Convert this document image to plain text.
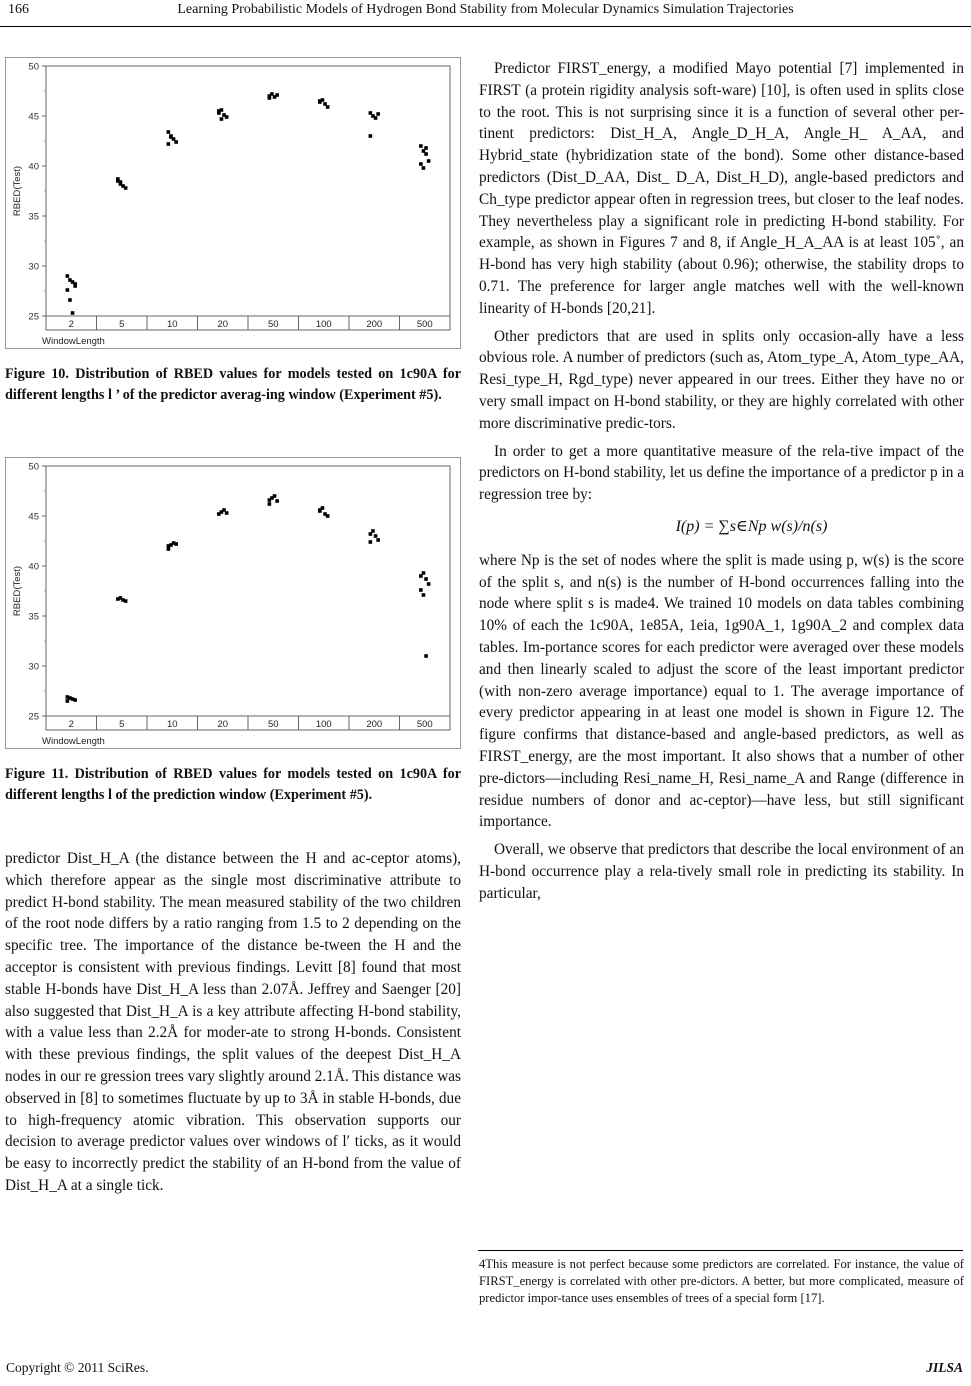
166	Learning Probabilistic Models of Hydrogen Bond Stability from Molecular Dynamics Simulation Trajectories
25
30
35
40
45
50
2	5	10	20	50	100	200	500
RBED(Test)
WindowLength
Figure 10. Distribution of RBED values for models tested on 1c90A for different lengths l ’ of the predictor averag-ing window (Experiment #5).
25
30
35
40
45
50
2	5	10	20	50	100	200	500
RBED(Test)
WindowLength
Figure 11. Distribution of RBED values for models tested on 1c90A for different lengths l of the prediction window (Experiment #5).

predictor Dist_H_A (the distance between the H and ac-ceptor atoms), which therefore appear as the single most discriminative attribute to predict H-bond stability. The mean measured stability of the two children of the root node differs by a ratio ranging from 1.5 to 2 depending on the specific tree. The importance of the distance be-tween the H and the acceptor is consistent with previous findings. Levitt [8] found that most stable H-bonds have Dist_H_A less than 2.07Å. Jeffrey and Saenger [20] also suggested that Dist_H_A is a key attribute affecting H-bond stability, with a value less than 2.2Å for moder-ate to strong H-bonds. Consistent with these previous findings, the split values of the deepest Dist_H_A nodes in our re gression trees vary slightly around 2.1Å. This distance was observed in [8] to sometimes fluctuate by up to 3Å in stable H-bonds, due to high-frequency atomic vibration. This observation supports our decision to average predictor values over windows of l′ ticks, as it would be easy to incorrectly predict the stability of an H-bond from the value of Dist_H_A at a single tick.

Predictor FIRST_energy, a modified Mayo potential [7] implemented in FIRST (a protein rigidity analysis soft-ware) [10], is often used in splits close to the root. This is not surprising since it is a function of several other per-tinent predictors: Dist_H_A, Angle_D_H_A, Angle_H_ A_AA, and Hybrid_state (hybridization state of the bond). Some other distance-based predictors (Dist_D_AA, Dist_ D_A, Dist_H_D), angle-based predictors and Ch_type predictor appear often in regression trees, but closer to the leaf nodes. They nevertheless play a significant role in predicting H-bond stability. For example, as shown in Figures 7 and 8, if Angle_H_A_AA is at least 105˚, an H-bond has very high stability (about 0.96); otherwise, the stability drops to 0.71. The preference for larger angle matches well with the well-known linearity of H-bonds [20,21].

Other predictors that are used in splits only occasion-ally have a less obvious role. A number of predictors (such as, Atom_type_A, Atom_type_AA, Resi_type_H, Rgd_type) never appeared in our trees. Either they have no or very small impact on H-bond stability, or they are highly correlated with other more discriminative predic-tors.

In order to get a more quantitative measure of the rela-tive impact of the predictors on H-bond stability, let us define the importance of a predictor p in a regression tree by:

I(p) = ∑s∈Np w(s)/n(s)

where Np is the set of nodes where the split is made using p, w(s) is the score of the split s, and n(s) is the number of H-bond occurrences falling into the node where split s is made4. We trained 10 models on data tables combining 10% of each the 1c90A, 1e85A, 1eia, 1g90A_1, 1g90A_2 and complex data tables. Im-portance scores for each predictor were averaged over these models and then linearly scaled to adjust the score of the least important predictor (with non-zero average importance) equal to 1. The average importance of every predictor appearing in at least one model is shown in Figure 12. The figure confirms that distance-based and angle-based predictors, as well as FIRST_energy, are the most important. It also shows that a number of other pre-dictors—including Resi_name_H, Resi_name_A and Range (difference in residue numbers of donor and ac-ceptor)—have less, but still significant importance.

Overall, we observe that predictors that describe the local environment of an H-bond occurrence play a rela-tively small role in predicting its stability. In particular,

4This measure is not perfect because some predictors are correlated. For instance, the value of FIRST_energy is correlated with other pre-dictors. A better, but more complicated, measure of predictor impor-tance uses ensembles of trees of a special form [17].
Copyright © 2011 SciRes.	JILSA
